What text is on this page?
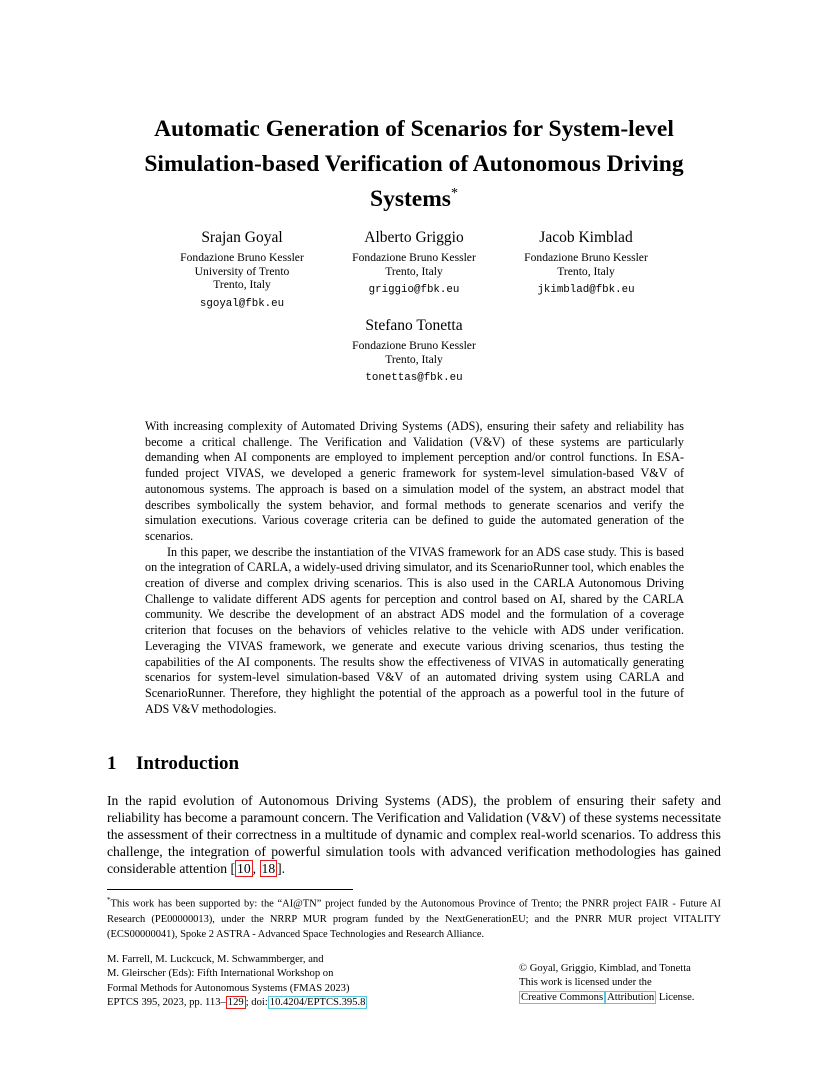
Automatic Generation of Scenarios for System-level
Simulation-based Verification of Autonomous Driving
Systems*
Srajan Goyal
Fondazione Bruno Kessler
University of Trento
Trento, Italy
sgoyal@fbk.eu
Alberto Griggio
Fondazione Bruno Kessler
Trento, Italy
griggio@fbk.eu
Jacob Kimblad
Fondazione Bruno Kessler
Trento, Italy
jkimblad@fbk.eu
Stefano Tonetta
Fondazione Bruno Kessler
Trento, Italy
tonettas@fbk.eu

With increasing complexity of Automated Driving Systems (ADS), ensuring their safety and reliability has become a critical challenge. The Verification and Validation (V&V) of these systems are particularly demanding when AI components are employed to implement perception and/or control functions. In ESA-funded project VIVAS, we developed a generic framework for system-level simulation-based V&V of autonomous systems. The approach is based on a simulation model of the system, an abstract model that describes symbolically the system behavior, and formal methods to generate scenarios and verify the simulation executions. Various coverage criteria can be defined to guide the automated generation of the scenarios.

In this paper, we describe the instantiation of the VIVAS framework for an ADS case study. This is based on the integration of CARLA, a widely-used driving simulator, and its ScenarioRunner tool, which enables the creation of diverse and complex driving scenarios. This is also used in the CARLA Autonomous Driving Challenge to validate different ADS agents for perception and control based on AI, shared by the CARLA community. We describe the development of an abstract ADS model and the formulation of a coverage criterion that focuses on the behaviors of vehicles relative to the vehicle with ADS under verification. Leveraging the VIVAS framework, we generate and execute various driving scenarios, thus testing the capabilities of the AI components. The results show the effectiveness of VIVAS in automatically generating scenarios for system-level simulation-based V&V of an automated driving system using CARLA and ScenarioRunner. Therefore, they highlight the potential of the approach as a powerful tool in the future of ADS V&V methodologies.

1 Introduction

In the rapid evolution of Autonomous Driving Systems (ADS), the problem of ensuring their safety and reliability has become a paramount concern. The Verification and Validation (V&V) of these systems necessitate the assessment of their correctness in a multitude of dynamic and complex real-world scenarios. To address this challenge, the integration of powerful simulation tools with advanced verification methodologies has gained considerable attention [ 10 , 18 ].

*This work has been supported by: the “AI@TN” project funded by the Autonomous Province of Trento; the PNRR project FAIR - Future AI Research (PE00000013), under the NRRP MUR program funded by the NextGenerationEU; and the PNRR MUR project VITALITY (ECS00000041), Spoke 2 ASTRA - Advanced Space Technologies and Research Alliance.

M. Farrell, M. Luckcuck, M. Schwammberger, and
M. Gleirscher (Eds): Fifth International Workshop on
Formal Methods for Autonomous Systems (FMAS 2023)
EPTCS 395, 2023, pp. 113– 129 ; doi: 10.4204/EPTCS.395.8
© Goyal, Griggio, Kimblad, and Tonetta
This work is licensed under the
Creative Commons Attribution License.
